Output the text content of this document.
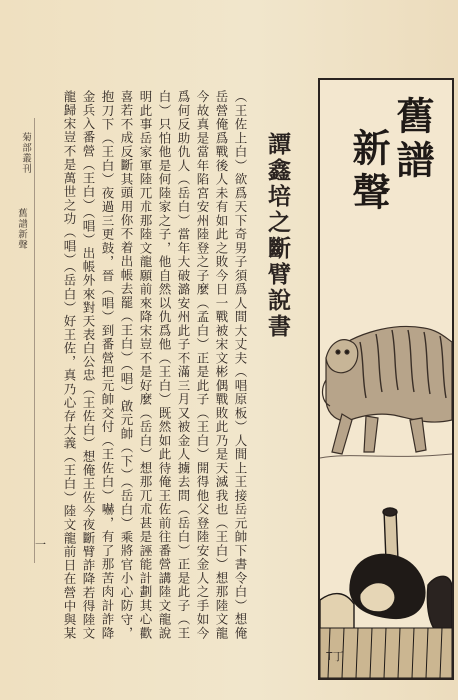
菊部叢刊
舊譜新聲
一
（王佐上白）欲爲天下奇男子須爲人間大丈夫（唱原板）人間上王接岳元帥下書令白）想俺岳營俺爲戰後人未有如此之敗今日一戰被宋文彬偶戰敗此乃是天滅我也（王白）想那陸文龍今故真是當年陷宮安州陸登之子麼（孟白）正是此子（王白）開得他父登陸安金人之手如今爲何反助仇人（岳白）當年大破潞安州此子不滿三月又被金人擄去問（岳白）正是此子（王白）只怕他是何陸家之子，他自然以仇爲他（王白）既然如此待俺王佐前往番營講陸文龍說明此事岳家軍陸兀朮那陸文龍願前來降宋豈不是好麼（岳白）想那兀朮甚是誣能計劃其心歡喜若不成反斷其頭用你不着出帳去罷（王白）（唱）啟元帥（下）（岳白）乘將官小心防守，抱刀下（王白）夜過三更鼓，晉（唱）到番營把元帥交付（王佐白）嚇，有了那苦肉計詐降金兵入番營（王白）（唱）出帳外來對天表白公忠（王佐白）想俺王佐今夜斷臂詐降若得陸文龍歸宋豈不是萬世之功（唱）（岳白）好王佐，真乃心存大義（王白）陸文龍前日在營中與某
譚鑫培之斷臂說書	舊譜
新聲
T丁
